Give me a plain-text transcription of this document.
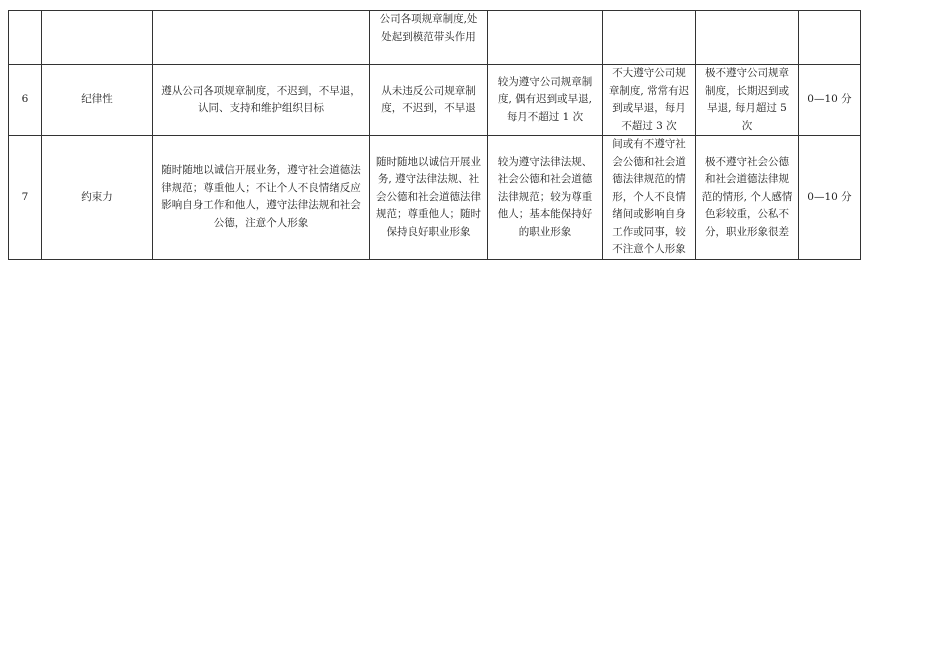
			公司各项规章制度,处处起到模范带头作用				
6	纪律性	遵从公司各项规章制度，不迟到，不早退，认同、支持和维护组织目标	从未违反公司规章制度，不迟到，不早退	较为遵守公司规章制度, 偶有迟到或早退, 每月不超过 1 次	不大遵守公司规章制度, 常常有迟到或早退，每月不超过 3 次	极不遵守公司规章制度，长期迟到或早退, 每月超过 5 次	0—10 分
7	约束力	随时随地以诚信开展业务，遵守社会道德法律规范；尊重他人；不让个人不良情绪反应影响自身工作和他人，遵守法律法规和社会公德，注意个人形象	随时随地以诚信开展业务, 遵守法律法规、社会公德和社会道德法律规范；尊重他人；随时保持良好职业形象	较为遵守法律法规、社会公德和社会道德法律规范；较为尊重他人；基本能保持好的职业形象	间或有不遵守社会公德和社会道德法律规范的情形，个人不良情绪间或影响自身工作或同事，较不注意个人形象	极不遵守社会公德和社会道德法律规范的情形, 个人感情色彩较重，公私不分，职业形象很差	0—10 分
